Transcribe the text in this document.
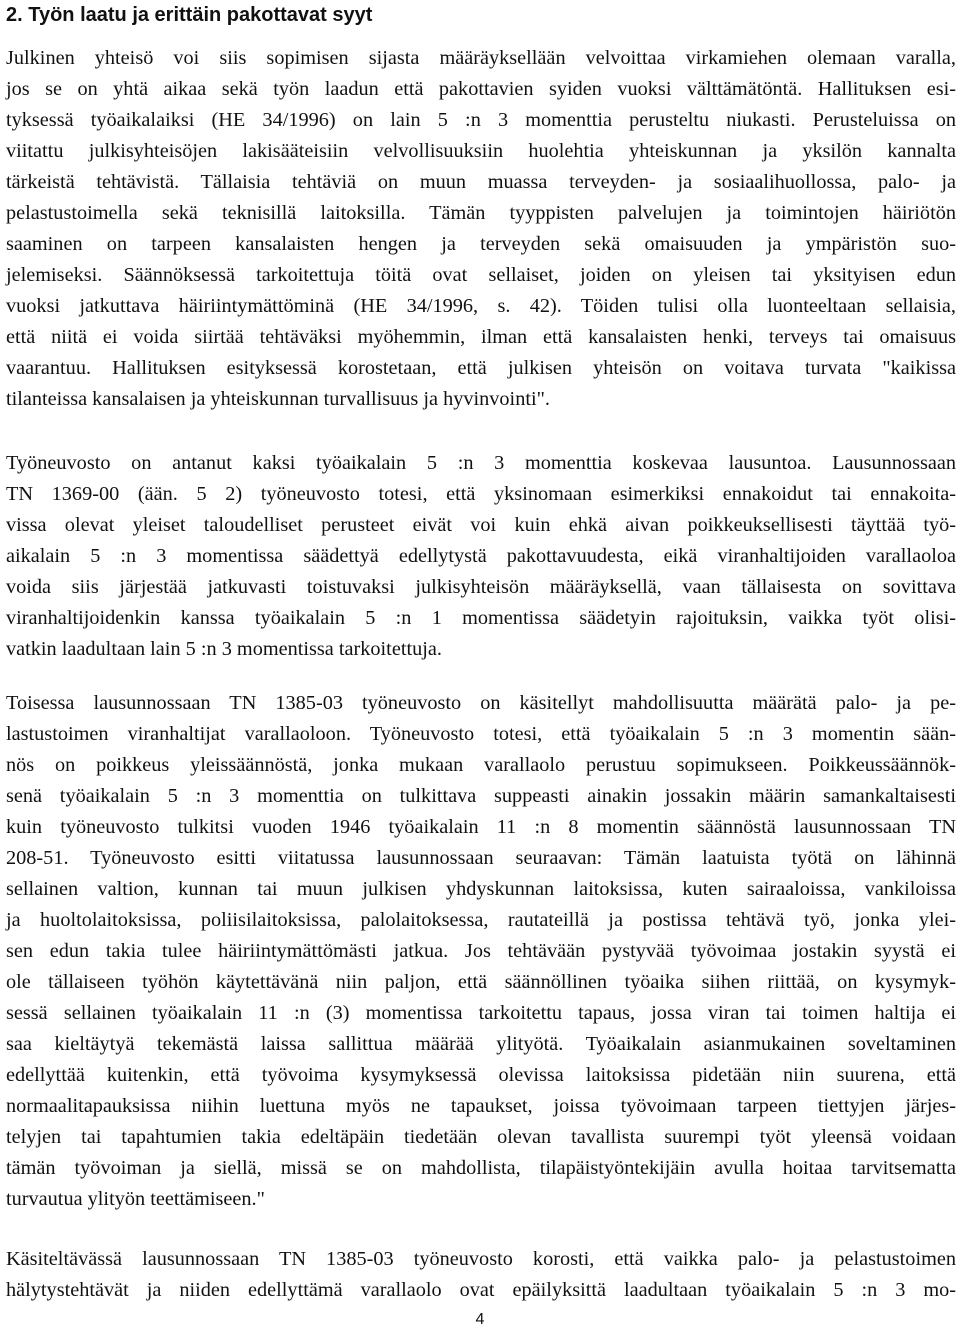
2. Työn laatu ja erittäin pakottavat syyt
Julkinen yhteisö voi siis sopimisen sijasta määräyksellään velvoittaa virkamiehen olemaan varalla,
jos se on yhtä aikaa sekä työn laadun että pakottavien syiden vuoksi välttämätöntä. Hallituksen esi-
tyksessä työaikalaiksi (HE 34/1996) on lain 5 :n 3 momenttia perusteltu niukasti. Perusteluissa on
viitattu julkisyhteisöjen lakisääteisiin velvollisuuksiin huolehtia yhteiskunnan ja yksilön kannalta
tärkeistä tehtävistä. Tällaisia tehtäviä on muun muassa terveyden- ja sosiaalihuollossa, palo- ja
pelastustoimella sekä teknisillä laitoksilla. Tämän tyyppisten palvelujen ja toimintojen häiriötön
saaminen on tarpeen kansalaisten hengen ja terveyden sekä omaisuuden ja ympäristön suo-
jelemiseksi. Säännöksessä tarkoitettuja töitä ovat sellaiset, joiden on yleisen tai yksityisen edun
vuoksi jatkuttava häiriintymättöminä (HE 34/1996, s. 42). Töiden tulisi olla luonteeltaan sellaisia,
että niitä ei voida siirtää tehtäväksi myöhemmin, ilman että kansalaisten henki, terveys tai omaisuus
vaarantuu. Hallituksen esityksessä korostetaan, että julkisen yhteisön on voitava turvata "kaikissa
tilanteissa kansalaisen ja yhteiskunnan turvallisuus ja hyvinvointi".
Työneuvosto on antanut kaksi työaikalain 5 :n 3 momenttia koskevaa lausuntoa. Lausunnossaan
TN 1369-00 (ään. 5 2) työneuvosto totesi, että yksinomaan esimerkiksi ennakoidut tai ennakoita-
vissa olevat yleiset taloudelliset perusteet eivät voi kuin ehkä aivan poikkeuksellisesti täyttää työ-
aikalain 5 :n 3 momentissa säädettyä edellytystä pakottavuudesta, eikä viranhaltijoiden varallaoloa
voida siis järjestää jatkuvasti toistuvaksi julkisyhteisön määräyksellä, vaan tällaisesta on sovittava
viranhaltijoidenkin kanssa työaikalain 5 :n 1 momentissa säädetyin rajoituksin, vaikka työt olisi-
vatkin laadultaan lain 5 :n 3 momentissa tarkoitettuja.
Toisessa lausunnossaan TN 1385-03 työneuvosto on käsitellyt mahdollisuutta määrätä palo- ja pe-
lastustoimen viranhaltijat varallaoloon. Työneuvosto totesi, että työaikalain 5 :n 3 momentin sään-
nös on poikkeus yleissäännöstä, jonka mukaan varallaolo perustuu sopimukseen. Poikkeussäännök-
senä työaikalain 5 :n 3 momenttia on tulkittava suppeasti ainakin jossakin määrin samankaltaisesti
kuin työneuvosto tulkitsi vuoden 1946 työaikalain 11 :n 8 momentin säännöstä lausunnossaan TN
208-51. Työneuvosto esitti viitatussa lausunnossaan seuraavan: Tämän laatuista työtä on lähinnä
sellainen valtion, kunnan tai muun julkisen yhdyskunnan laitoksissa, kuten sairaaloissa, vankiloissa
ja huoltolaitoksissa, poliisilaitoksissa, palolaitoksessa, rautateillä ja postissa tehtävä työ, jonka ylei-
sen edun takia tulee häiriintymättömästi jatkua. Jos tehtävään pystyvää työvoimaa jostakin syystä ei
ole tällaiseen työhön käytettävänä niin paljon, että säännöllinen työaika siihen riittää, on kysymyk-
sessä sellainen työaikalain 11 :n (3) momentissa tarkoitettu tapaus, jossa viran tai toimen haltija ei
saa kieltäytyä tekemästä laissa sallittua määrää ylityötä. Työaikalain asianmukainen soveltaminen
edellyttää kuitenkin, että työvoima kysymyksessä olevissa laitoksissa pidetään niin suurena, että
normaalitapauksissa niihin luettuna myös ne tapaukset, joissa työvoimaan tarpeen tiettyjen järjes-
telyjen tai tapahtumien takia edeltäpäin tiedetään olevan tavallista suurempi työt yleensä voidaan
tämän työvoiman ja siellä, missä se on mahdollista, tilapäistyöntekijäin avulla hoitaa tarvitsematta
turvautua ylityön teettämiseen."
Käsiteltävässä lausunnossaan TN 1385-03 työneuvosto korosti, että vaikka palo- ja pelastustoimen
hälytystehtävät ja niiden edellyttämä varallaolo ovat epäilyksittä laadultaan työaikalain 5 :n 3 mo-
4
